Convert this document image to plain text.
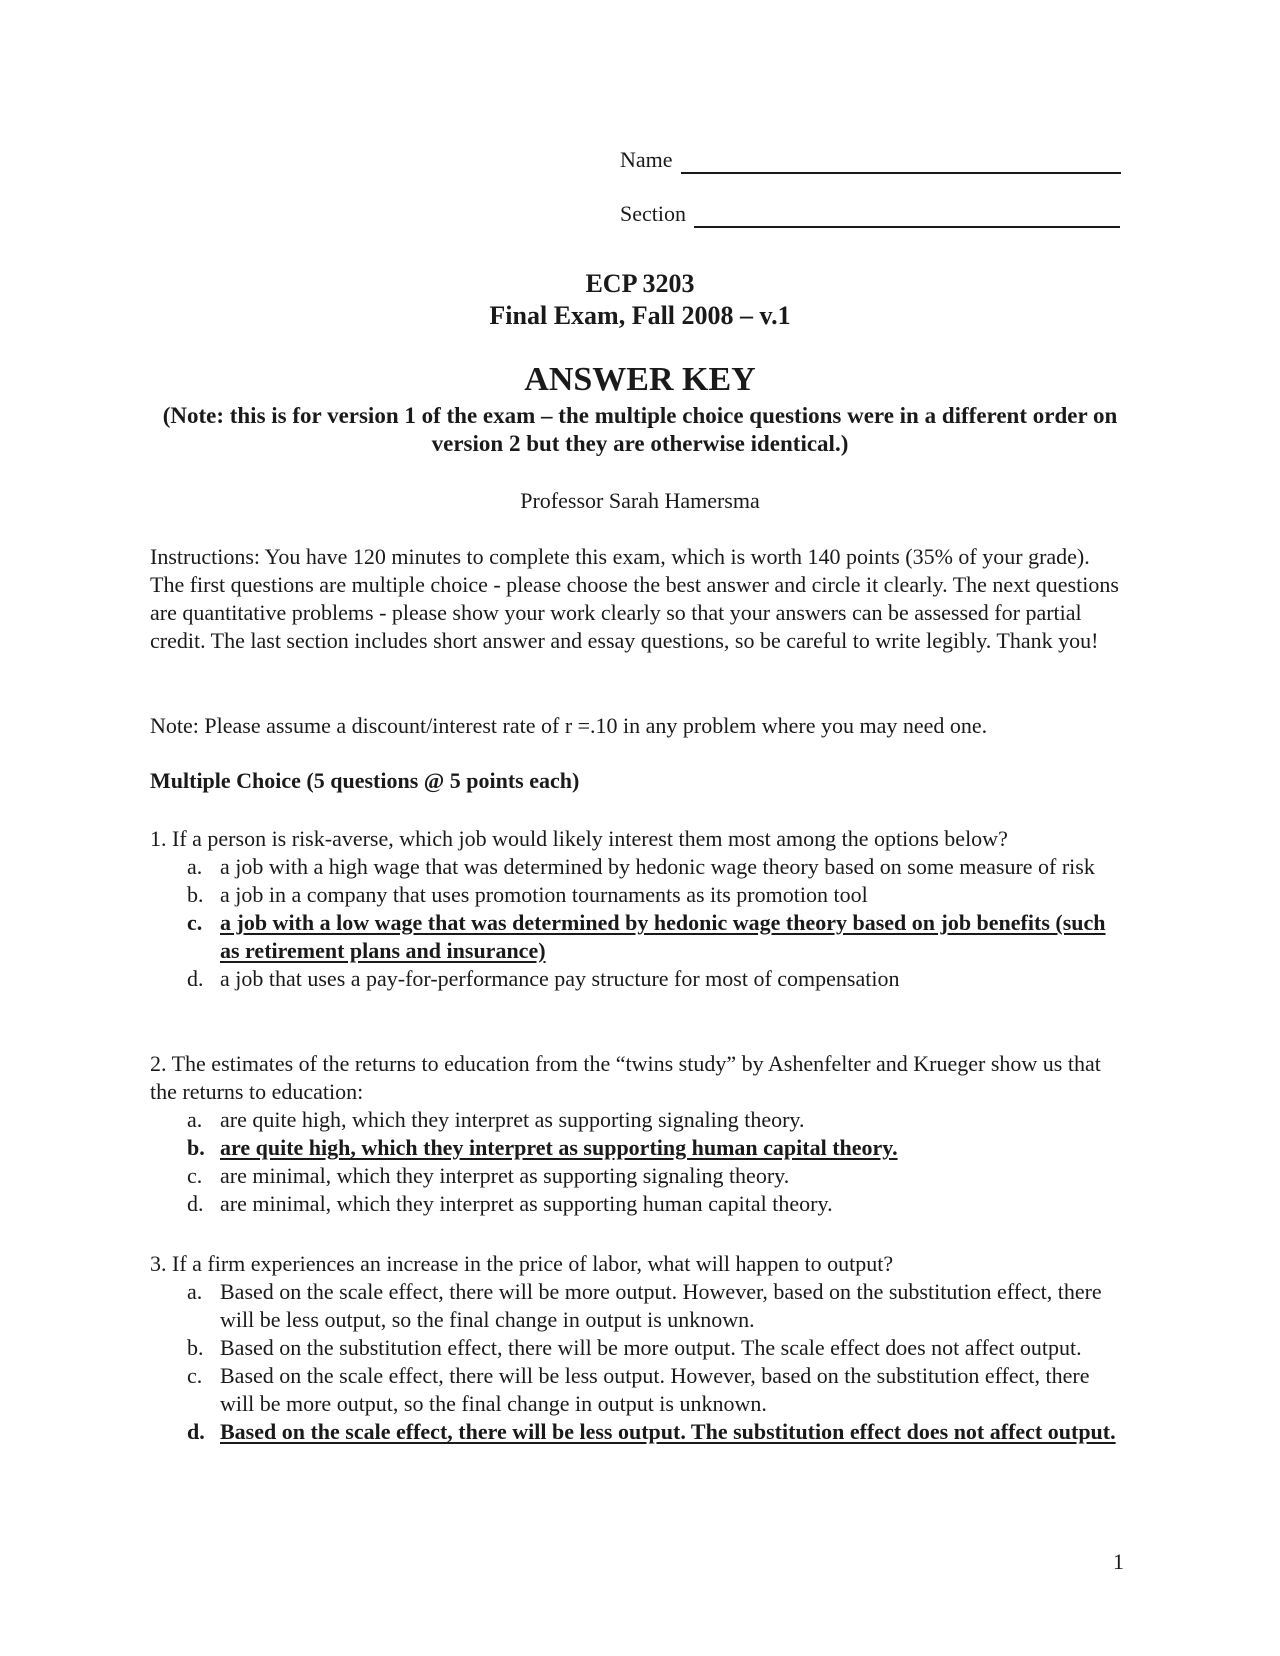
Name
Section
ECP 3203
Final Exam, Fall 2008 – v.1
ANSWER KEY
(Note: this is for version 1 of the exam – the multiple choice questions were in a different order on version 2 but they are otherwise identical.)
Professor Sarah Hamersma
Instructions: You have 120 minutes to complete this exam, which is worth 140 points (35% of your grade). The first questions are multiple choice - please choose the best answer and circle it clearly. The next questions are quantitative problems - please show your work clearly so that your answers can be assessed for partial credit. The last section includes short answer and essay questions, so be careful to write legibly. Thank you!
Note: Please assume a discount/interest rate of r =.10 in any problem where you may need one.
Multiple Choice (5 questions @ 5 points each)

1. If a person is risk-averse, which job would likely interest them most among the options below?

a. a job with a high wage that was determined by hedonic wage theory based on some measure of risk
b. a job in a company that uses promotion tournaments as its promotion tool
c. a job with a low wage that was determined by hedonic wage theory based on job benefits (such as retirement plans and insurance)
d. a job that uses a pay-for-performance pay structure for most of compensation

2. The estimates of the returns to education from the “twins study” by Ashenfelter and Krueger show us that the returns to education:

a. are quite high, which they interpret as supporting signaling theory.
b. are quite high, which they interpret as supporting human capital theory.
c. are minimal, which they interpret as supporting signaling theory.
d. are minimal, which they interpret as supporting human capital theory.

3. If a firm experiences an increase in the price of labor, what will happen to output?

a. Based on the scale effect, there will be more output. However, based on the substitution effect, there will be less output, so the final change in output is unknown.
b. Based on the substitution effect, there will be more output. The scale effect does not affect output.
c. Based on the scale effect, there will be less output. However, based on the substitution effect, there will be more output, so the final change in output is unknown.
d. Based on the scale effect, there will be less output. The substitution effect does not affect output.
1
